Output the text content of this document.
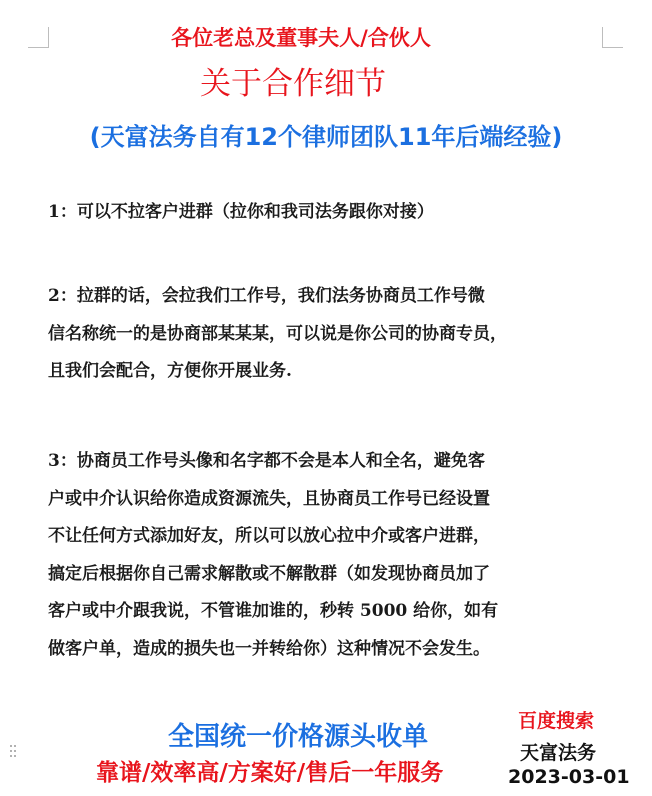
各位老总及董事夫人/合伙人
关于合作细节
(天富法务自有12个律师团队11年后端经验)

1：可以不拉客户进群（拉你和我司法务跟你对接）

2：拉群的话，会拉我们工作号，我们法务协商员工作号微

信名称统一的是协商部某某某，可以说是你公司的协商专员，

且我们会配合，方便你开展业务.

3：协商员工作号头像和名字都不会是本人和全名，避免客

户或中介认识给你造成资源流失，且协商员工作号已经设置

不让任何方式添加好友，所以可以放心拉中介或客户进群，

搞定后根据你自己需求解散或不解散群（如发现协商员加了

客户或中介跟我说，不管谁加谁的，秒转 5000 给你，如有

做客户单，造成的损失也一并转给你）这种情况不会发生。

全国统一价格源头收单
靠谱/效率高/方案好/售后一年服务
百度搜索
天富法务
2023-03-01
